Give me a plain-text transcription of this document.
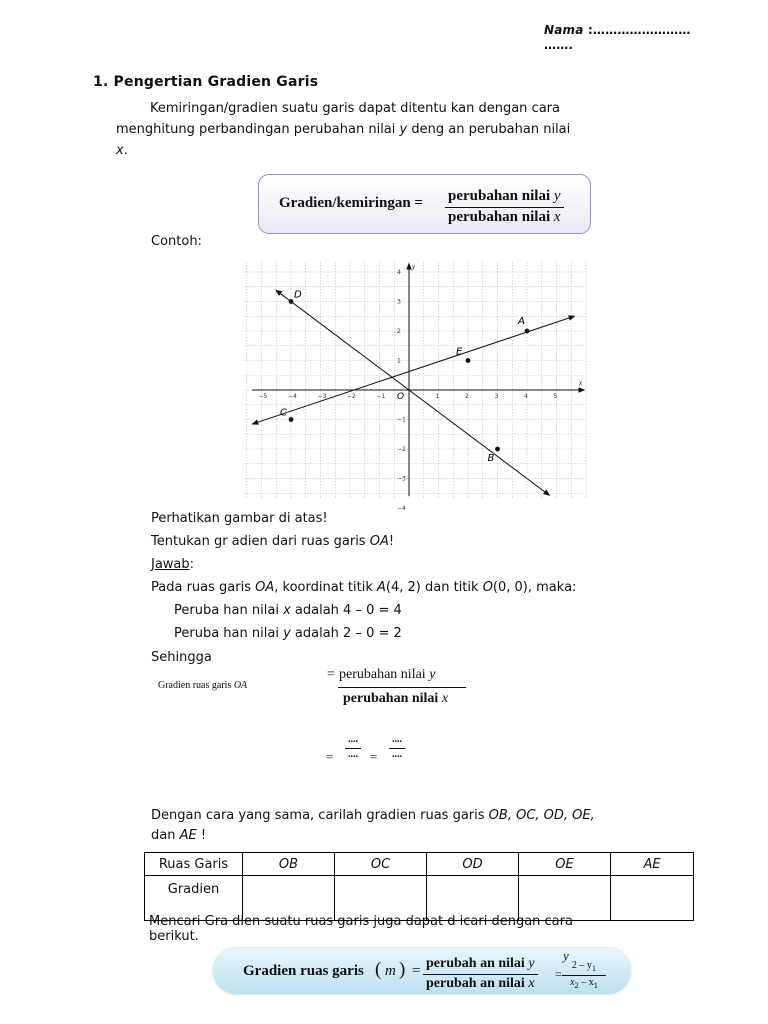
Nama :……………………
…….
1. Pengertian Gradien Garis
Kemiringan/gradien suatu garis dapat ditentu kan dengan cara
menghitung perbandingan perubahan nilai y deng an perubahan nilai
x.
Gradien/kemiringan = perubahan nilai y
perubahan nilai x
Contoh:
x
y
O
−5	−4	−3	−2	−1	1	2	3	4	5
4
3
2
1
−1
−2
−3
−4
A
B
C
D
E
Perhatikan gambar di atas!
Tentukan gr adien dari ruas garis OA!
Jawab:
Pada ruas garis OA, koordinat titik A(4, 2) dan titik O(0, 0), maka:
Peruba han nilai x adalah 4 – 0 = 4
Peruba han nilai y adalah 2 – 0 = 2
Sehingga
Gradien ruas garis OA
= perubahan nilai y
perubahan nilai x
=
....
.... =
....
....
Dengan cara yang sama, carilah gradien ruas garis OB, OC, OD, OE,
dan AE !
Ruas Garis	OB	OC	OD	OE	AE
Gradien					
Mencari Gra dien suatu ruas garis juga dapat d icari dengan cara
berikut.
Gradien ruas garis ( m ) = perubah an nilai y
perubah an nilai x
=
y
$2 - y_1$
$x_2 - x_1$
